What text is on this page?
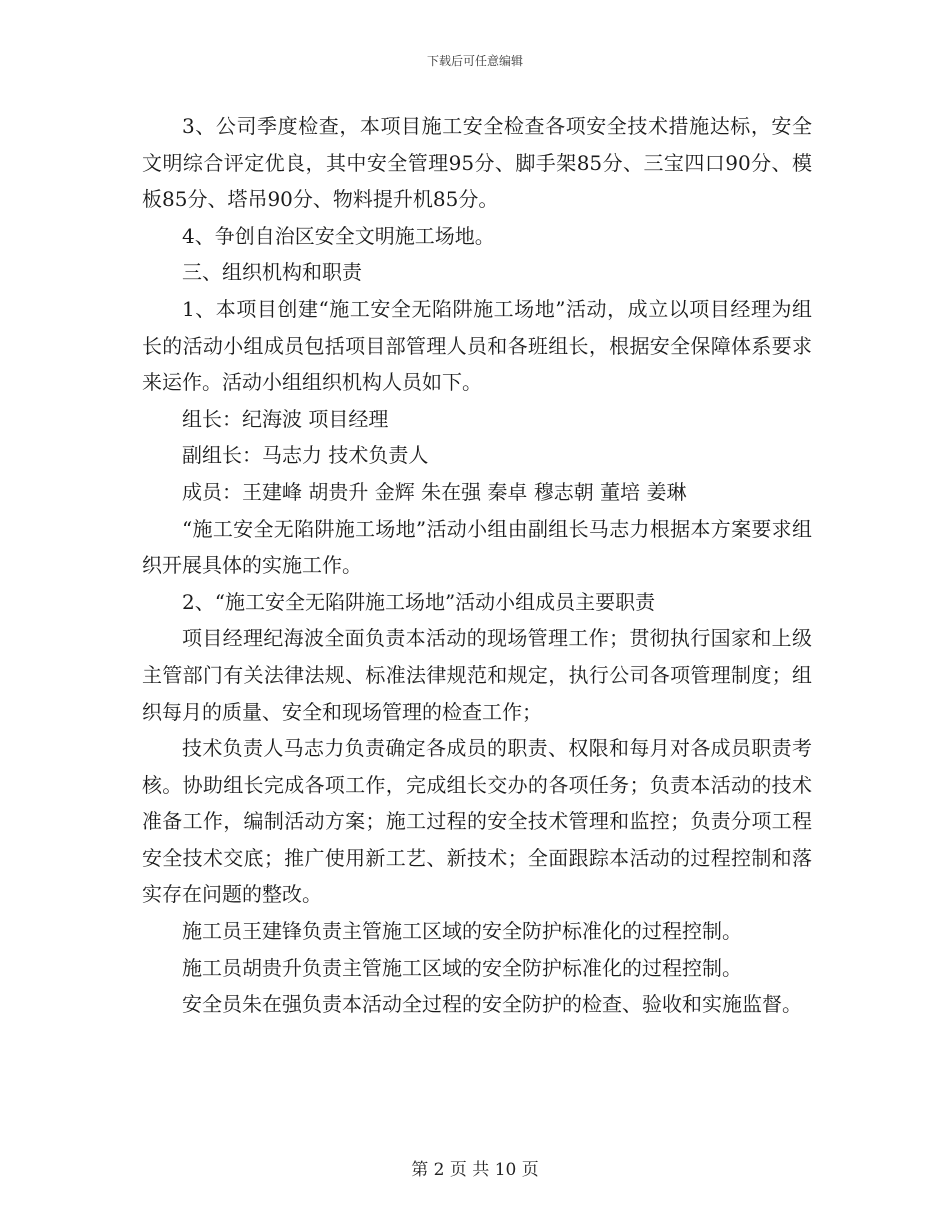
下载后可任意编辑

3、公司季度检查，本项目施工安全检查各项安全技术措施达标，安全文明综合评定优良，其中安全管理95分、脚手架85分、三宝四口90分、模板85分、塔吊90分、物料提升机85分。

4、争创自治区安全文明施工场地。

三、组织机构和职责

1、本项目创建“施工安全无陷阱施工场地”活动，成立以项目经理为组长的活动小组成员包括项目部管理人员和各班组长，根据安全保障体系要求来运作。活动小组组织机构人员如下。

组长：纪海波 项目经理

副组长：马志力 技术负责人

成员：王建峰 胡贵升 金辉 朱在强 秦卓 穆志朝 董培 姜琳

“施工安全无陷阱施工场地”活动小组由副组长马志力根据本方案要求组织开展具体的实施工作。

2、“施工安全无陷阱施工场地”活动小组成员主要职责

项目经理纪海波全面负责本活动的现场管理工作；贯彻执行国家和上级主管部门有关法律法规、标准法律规范和规定，执行公司各项管理制度；组织每月的质量、安全和现场管理的检查工作；

技术负责人马志力负责确定各成员的职责、权限和每月对各成员职责考核。协助组长完成各项工作，完成组长交办的各项任务；负责本活动的技术准备工作，编制活动方案；施工过程的安全技术管理和监控；负责分项工程安全技术交底；推广使用新工艺、新技术；全面跟踪本活动的过程控制和落实存在问题的整改。

施工员王建锋负责主管施工区域的安全防护标准化的过程控制。

施工员胡贵升负责主管施工区域的安全防护标准化的过程控制。

安全员朱在强负责本活动全过程的安全防护的检查、验收和实施监督。

第 2 页 共 10 页
